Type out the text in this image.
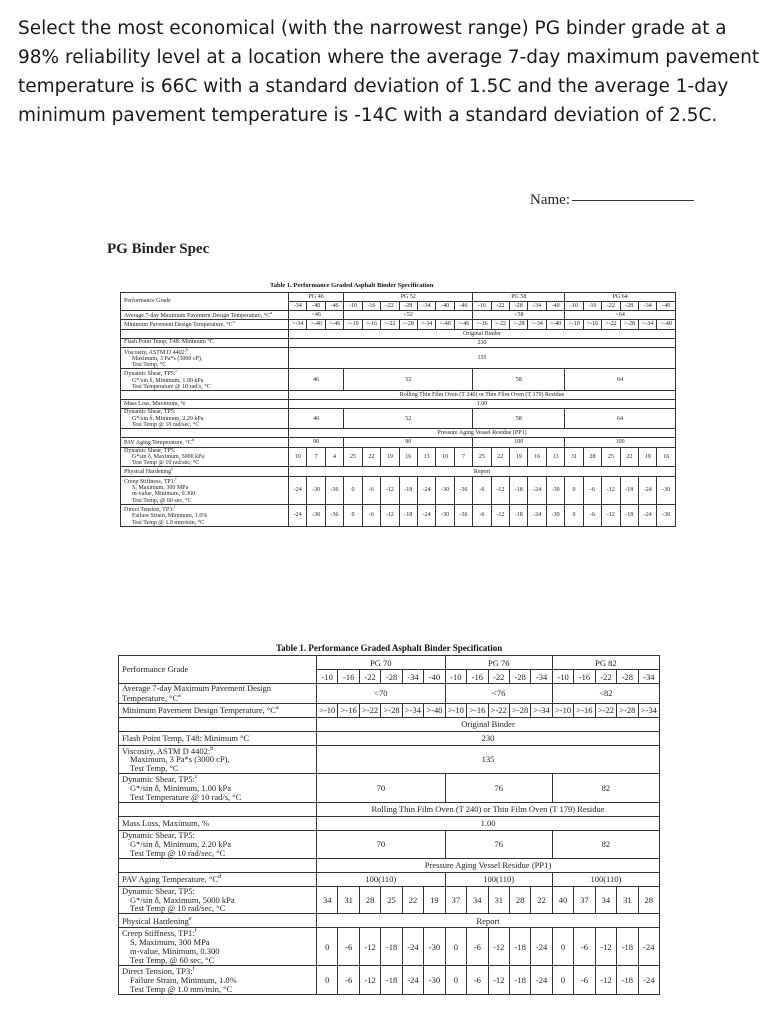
Select the most economical (with the narrowest range) PG binder grade at a 98% reliability level at a location where the average 7-day maximum pavement temperature is 66C with a standard deviation of 1.5C and the average 1-day minimum pavement temperature is -14C with a standard deviation of 2.5C.
Name:
PG Binder Spec
Table 1. Performance Graded Asphalt Binder Specification
Performance Grade	PG 46			PG 52							PG 58					PG 64					
	-34	-40	-46	-10	-16	-22	-28	-34	-40	-46	-16	-22	-28	-34	-40	-10	-16	-22	-28	-34	-40
Average 7-day Maximum Pavement Design Temperature, $^\circ C^a$	<46			<52							<58					<64					
Minimum Pavement Design Temperature, $^\circ C^a$	>-34	>-40	>-46	>-10	>-16	>-22	>-28	>-34	>-40	>-46	>-16	>-22	>-28	>-34	>-40	>-10	>-16	>-22	>-28	>-34	>-40
	Original Binder																				
Flash Point Temp, T48: Minimum °C	230																				
Viscosity, ASTM D 4402:$^b$
Maximum, 3 Pa*s (3000 cP),
Test Temp, °C	135																				
Dynamic Shear, TP5:$^c$
G*/sin δ, Minimum, 1.00 kPa
Test Temperature @ 10 rad/s, °C	46			52							58					64					
	Rolling Thin Film Oven (T 240) or Thin Film Oven (T 179) Residue																				
Mass Loss, Maximum, %	1.00																				
Dynamic Shear, TP5:
G*/sin δ, Minimum, 2.20 kPa
Test Temp @ 10 rad/sec, °C	46			52							58					64					
	Pressure Aging Vessel Residue (PP1)																				
PAV Aging Temperature, $^\circ C^d$	90			90							100					100					
Dynamic Shear, TP5:
G*sin δ, Maximum, 5000 kPa
Test Temp @ 10 rad/sec, °C	10	7	4	25	22	19	16	13	10	7	25	22	19	16	13	31	28	25	22	19	16
Physical Hardening$^e$	Report																				
Creep Stiffness, TP1:$^f$
S, Maximum, 300 MPa
m-value, Minimum, 0.300
Test Temp, @ 60 sec, °C	-24	-30	-36	0	-6	-12	-18	-24	-30	-36	-6	-12	-18	-24	-30	0	-6	-12	-18	-24	-30
Direct Tension, TP3:$^f$
Failure Strain, Minimum, 1.0%
Test Temp @ 1.0 mm/min, °C	-24	-30	-36	0	-6	-12	-18	-24	-30	-36	-6	-12	-18	-24	-30	0	-6	-12	-18	-24	-30
Table 1. Performance Graded Asphalt Binder Specification
Performance Grade	PG 70						PG 76					PG 82				
	-10	-16	-22	-28	-34	-40	-10	-16	-22	-28	-34	-10	-16	-22	-28	-34
Average 7-day Maximum Pavement Design Temperature, $^\circ C^a$	<70						<76					<82				
Minimum Pavement Design Temperature, $^\circ C^a$	>-10	>-16	>-22	>-28	>-34	>-40	>-10	>-16	>-22	>-28	>-34	>-10	>-16	>-22	>-28	>-34
	Original Binder															
Flash Point Temp, T48: Minimum °C	230															
Viscosity, ASTM D 4402:$^b$
Maximum, 3 Pa*s (3000 cP),
Test Temp, °C	135															
Dynamic Shear, TP5:$^c$
G*/sin δ, Minimum, 1.00 kPa
Test Temperature @ 10 rad/s, °C	70						76					82				
	Rolling Thin Film Oven (T 240) or Thin Film Oven (T 179) Residue															
Mass Loss, Maximum, %	1.00															
Dynamic Shear, TP5:
G*/sin δ, Minimum, 2.20 kPa
Test Temp @ 10 rad/sec, °C	70						76					82				
	Pressure Aging Vessel Residue (PP1)															
PAV Aging Temperature, $^\circ C^d$	100(110)						100(110)					100(110)				
Dynamic Shear, TP5:
G*/sin δ, Maximum, 5000 kPa
Test Temp @ 10 rad/sec, °C	34	31	28	25	22	19	37	34	31	28	22	40	37	34	31	28
Physical Hardening$^e$	Report															
Creep Stiffness, TP1:$^f$
S, Maximum, 300 MPa
m-value, Minimum, 0.300
Test Temp, @ 60 sec, °C	0	-6	-12	-18	-24	-30	0	-6	-12	-18	-24	0	-6	-12	-18	-24
Direct Tension, TP3:$^f$
Failure Strain, Minimum, 1.0%
Test Temp @ 1.0 mm/min, °C	0	-6	-12	-18	-24	-30	0	-6	-12	-18	-24	0	-6	-12	-18	-24
